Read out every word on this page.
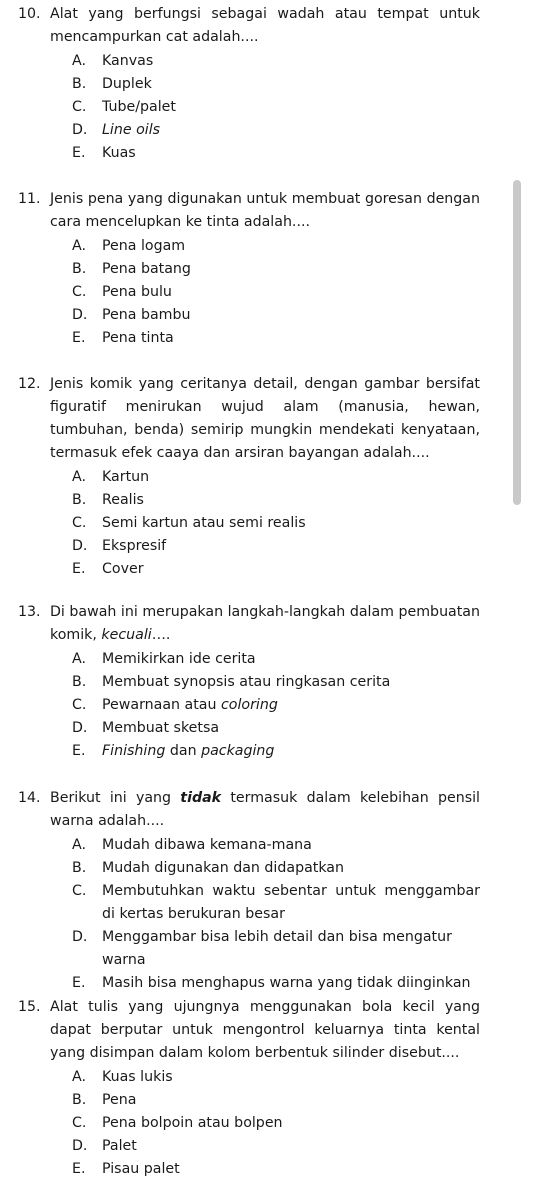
10. Alat yang berfungsi sebagai wadah atau tempat untuk mencampurkan cat adalah....
A.	Kanvas
B.	Duplek
C.	Tube/palet
D.	Line oils
E.	Kuas
11. Jenis pena yang digunakan untuk membuat goresan dengan cara mencelupkan ke tinta adalah....
A.	Pena logam
B.	Pena batang
C.	Pena bulu
D.	Pena bambu
E.	Pena tinta
12. Jenis komik yang ceritanya detail, dengan gambar bersifat figuratif menirukan wujud alam (manusia, hewan, tumbuhan, benda) semirip mungkin mendekati kenyataan, termasuk efek caaya dan arsiran bayangan adalah....
A.	Kartun
B.	Realis
C.	Semi kartun atau semi realis
D.	Ekspresif
E.	Cover
13. Di bawah ini merupakan langkah-langkah dalam pembuatan komik, kecuali….
A.	Memikirkan ide cerita
B.	Membuat synopsis atau ringkasan cerita
C.	Pewarnaan atau coloring
D.	Membuat sketsa
E.	Finishing dan packaging
14. Berikut ini yang tidak termasuk dalam kelebihan pensil warna adalah....
A.	Mudah dibawa kemana-mana
B.	Mudah digunakan dan didapatkan
C.	Membutuhkan waktu sebentar untuk menggambar di kertas berukuran besar
D.	Menggambar bisa lebih detail dan bisa mengatur warna
E.	Masih bisa menghapus warna yang tidak diinginkan
15. Alat tulis yang ujungnya menggunakan bola kecil yang dapat berputar untuk mengontrol keluarnya tinta kental yang disimpan dalam kolom berbentuk silinder disebut....
A.	Kuas lukis
B.	Pena
C.	Pena bolpoin atau bolpen
D.	Palet
E.	Pisau palet
